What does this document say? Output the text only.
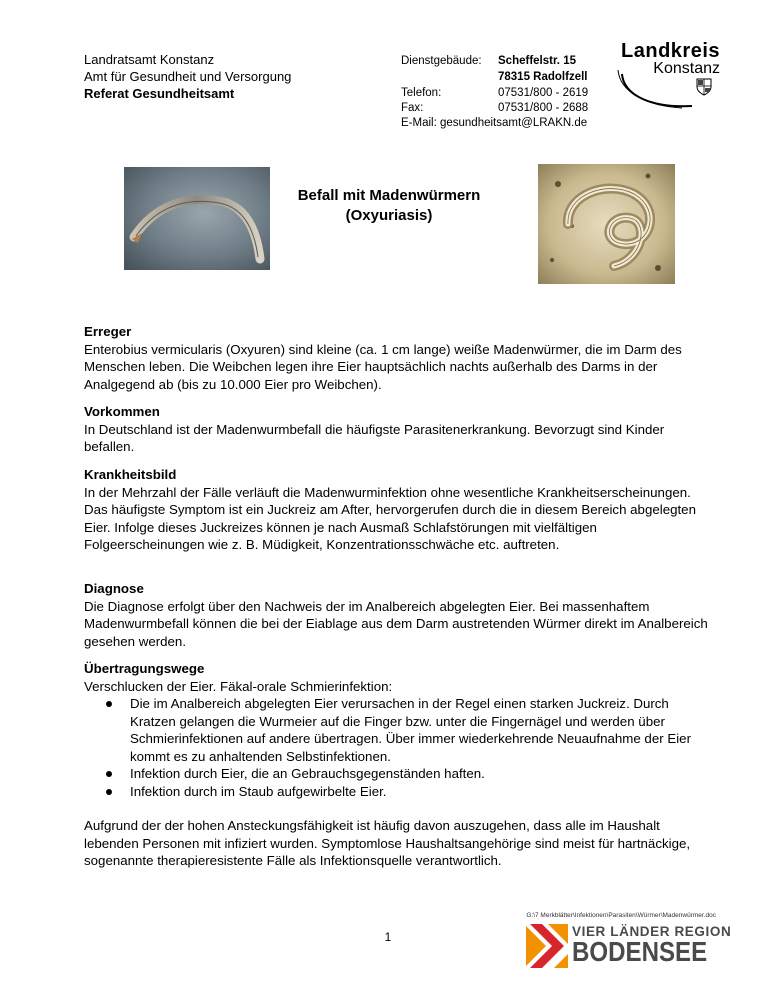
Landratsamt Konstanz
Amt für Gesundheit und Versorgung
Referat Gesundheitsamt
Dienstgebäude: Scheffelstr. 15
78315 Radolfzell
Telefon:	07531/800 - 2619
Fax:	07531/800 - 2688
E-Mail: gesundheitsamt@LRAKN.de
Landkreis
Konstanz
Befall mit Madenwürmern
(Oxyuriasis)
Erreger

Enterobius vermicularis (Oxyuren) sind kleine (ca. 1 cm lange) weiße Madenwürmer, die im Darm des Menschen leben. Die Weibchen legen ihre Eier hauptsächlich nachts außerhalb des Darms in der Analgegend ab (bis zu 10.000 Eier pro Weibchen).

Vorkommen

In Deutschland ist der Madenwurmbefall die häufigste Parasitenerkrankung. Bevorzugt sind Kinder befallen.

Krankheitsbild

In der Mehrzahl der Fälle verläuft die Madenwurminfektion ohne wesentliche Krankheitserscheinungen. Das häufigste Symptom ist ein Juckreiz am After, hervorgerufen durch die in diesem Bereich abgelegten Eier. Infolge dieses Juckreizes können je nach Ausmaß Schlafstörungen mit vielfältigen Folgeerscheinungen wie z. B. Müdigkeit, Konzentrationsschwäche etc. auftreten.

Diagnose

Die Diagnose erfolgt über den Nachweis der im Analbereich abgelegten Eier. Bei massenhaftem Madenwurmbefall können die bei der Eiablage aus dem Darm austretenden Würmer direkt im Analbereich gesehen werden.

Übertragungswege

Verschlucken der Eier. Fäkal-orale Schmierinfektion:

Die im Analbereich abgelegten Eier verursachen in der Regel einen starken Juckreiz. Durch Kratzen gelangen die Wurmeier auf die Finger bzw. unter die Fingernägel und werden über Schmierinfektionen auf andere übertragen. Über immer wiederkehrende Neuaufnahme der Eier kommt es zu anhaltenden Selbstinfektionen.
Infektion durch Eier, die an Gebrauchsgegenständen haften.
Infektion durch im Staub aufgewirbelte Eier.

Aufgrund der der hohen Ansteckungsfähigkeit ist häufig davon auszugehen, dass alle im Haushalt lebenden Personen mit infiziert wurden. Symptomlose Haushaltsangehörige sind meist für hartnäckige, sogenannte therapieresistente Fälle als Infektionsquelle verantwortlich.

G:\7 Merkblätter\Infektionen\Parasiten\Würmer\Madenwürmer.doc
1	VIER LÄNDER REGION
BODENSEE
